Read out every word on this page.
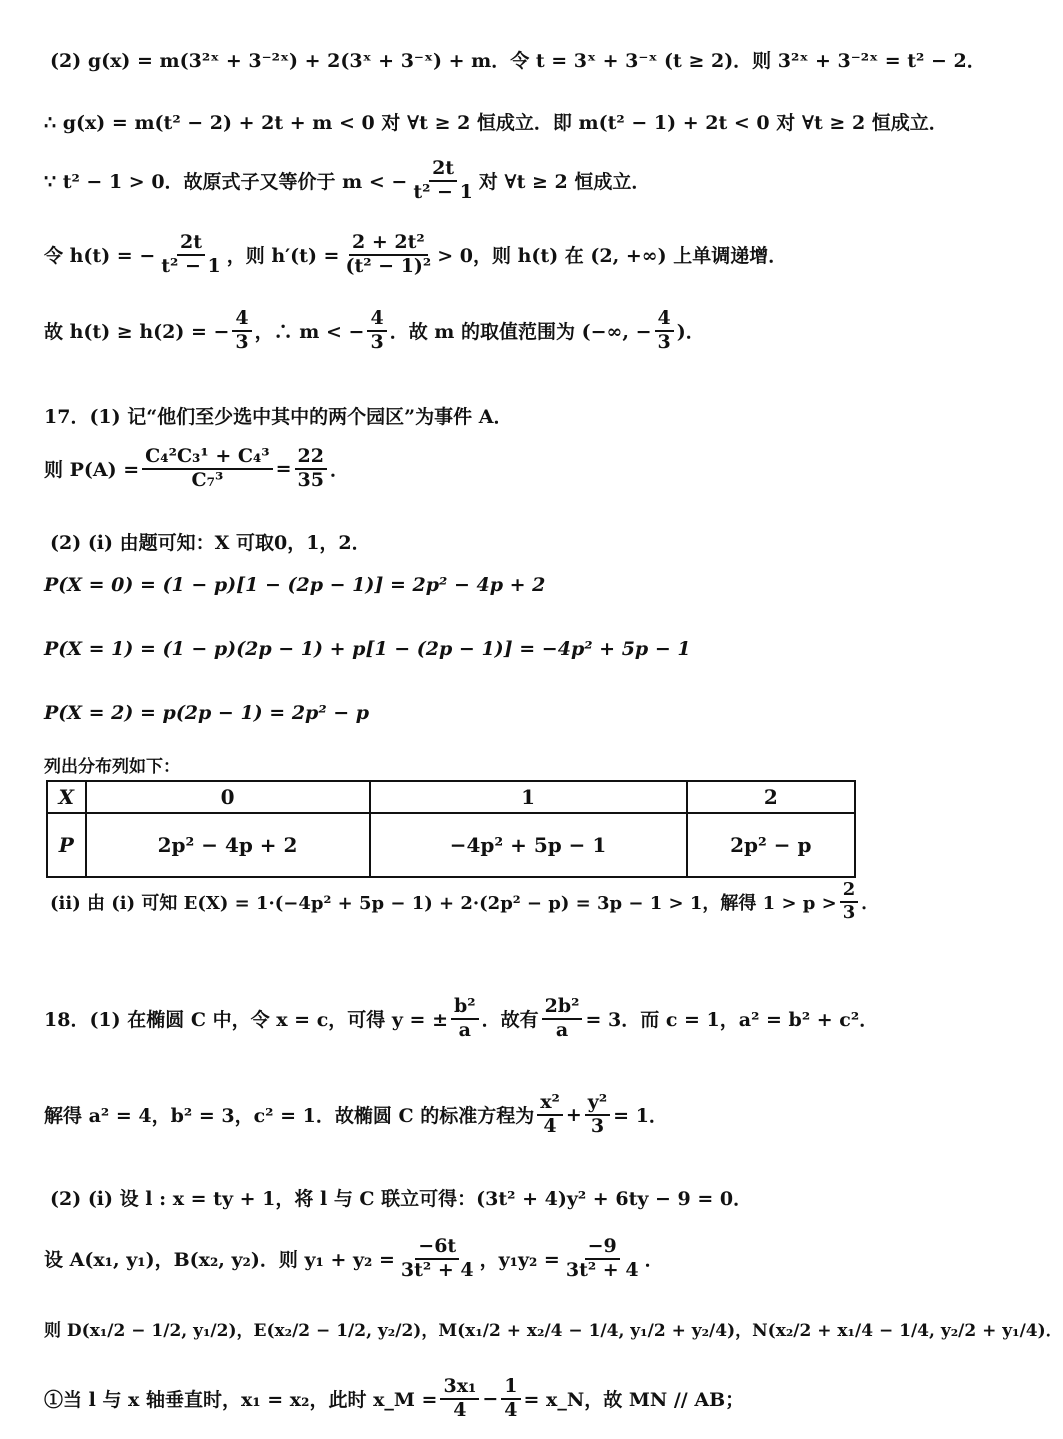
(2) g(x) = m(3²ˣ + 3⁻²ˣ) + 2(3ˣ + 3⁻ˣ) + m．令 t = 3ˣ + 3⁻ˣ (t ≥ 2)．则 3²ˣ + 3⁻²ˣ = t² − 2．
∴ g(x) = m(t² − 2) + 2t + m < 0 对 ∀t ≥ 2 恒成立．即 m(t² − 1) + 2t < 0 对 ∀t ≥ 2 恒成立．
∵ t² − 1 > 0．故原式子又等价于 m < − $\frac{2t}{\text{t² − 1}}$ 对 ∀t ≥ 2 恒成立．
令 h(t) = − $\frac{2t}{\text{t² − 1}}$ ，则 $h'(t) = \frac{\text{2 + 2t²}}{\text{(t² − 1)²}} > 0$，则 h(t) 在 (2, +∞) 上单调递增．
故 h(t) ≥ h(2) = − $\frac{4}{3}$ ，∴ m < − $\frac{4}{3}$ ．故 m 的取值范围为 (−∞, − $\frac{4}{3}$ )．
17．(1) 记“他们至少选中其中的两个园区”为事件 A．
则 $P(A) = \frac{\text{C₄²C₃¹ + C₄³}}{\text{C₇³}} = \frac{22}{35}$ ．
(2) (i) 由题可知：X 可取0，1，2．
P(X = 0) = (1 − p)[1 − (2p − 1)] = 2p² − 4p + 2
P(X = 1) = (1 − p)(2p − 1) + p[1 − (2p − 1)] = −4p² + 5p − 1
P(X = 2) = p(2p − 1) = 2p² − p
列出分布列如下：
X	0	1	2
P	2p² − 4p + 2	−4p² + 5p − 1	2p² − p
(ii) 由 (i) 可知 E(X) = 1·(−4p² + 5p − 1) + 2·(2p² − p) = 3p − 1 > 1，解得 $1 > p > \frac{2}{3}$ ．
18．(1) 在椭圆 C 中，令 x = c，可得 y = ± $\frac{\text{b²}}{a}$ ．故有 $\frac{\text{2b²}}{a} = 3$．而 c = 1，a² = b² + c²．
解得 a² = 4，b² = 3，c² = 1．故椭圆 C 的标准方程为 $\frac{\text{x²}}{4} + \frac{\text{y²}}{3} = 1$．
(2) (i) 设 l : x = ty + 1，将 l 与 C 联立可得：(3t² + 4)y² + 6ty − 9 = 0．
设 A(x₁, y₁)，B(x₂, y₂)．则 $y_1 + y_2 = \frac{-6t}{\text{3t² + 4}}$ ，$y_1y_2 = \frac{-9}{\text{3t² + 4}}$ ．
则 D(x₁/2 − 1/2, y₁/2)，E(x₂/2 − 1/2, y₂/2)，M(x₁/2 + x₂/4 − 1/4, y₁/2 + y₂/4)，N(x₂/2 + x₁/4 − 1/4, y₂/2 + y₁/4)．
①当 l 与 x 轴垂直时，x₁ = x₂，此时 x_M = $\frac{\text{3x₁}}{4} - \frac{1}{4}$ = x_N，故 MN // AB；
